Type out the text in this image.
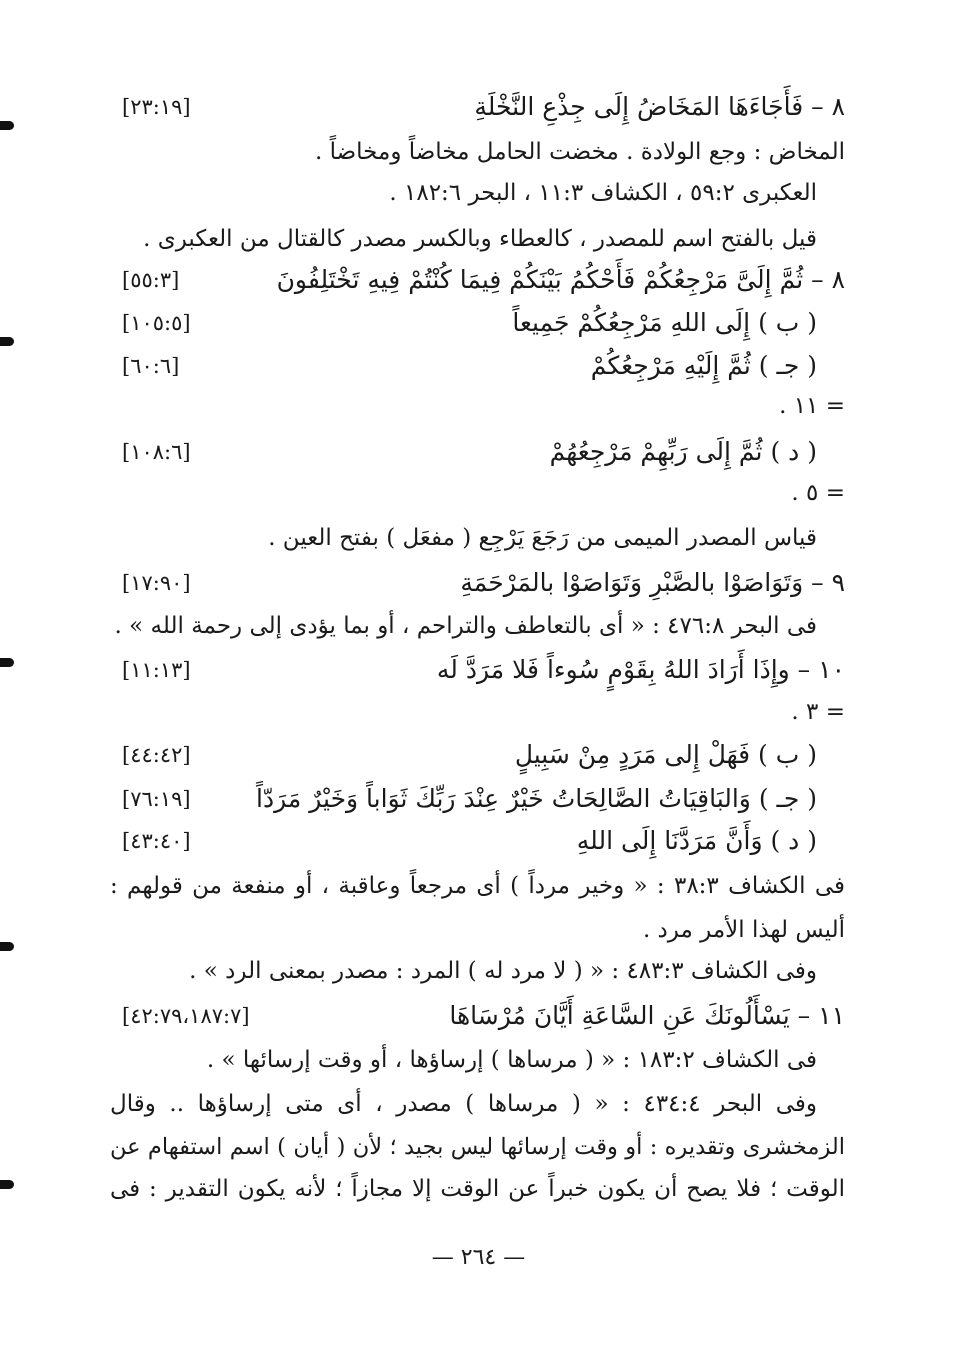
٨ – فَأَجَاءَهَا المَخَاضُ إِلَى جِذْعِ النَّخْلَةِ
[٢٣:١٩]
المخاض : وجع الولادة . مخضت الحامل مخاضاً ومخاضاً .
العكبرى ٥٩:٢ ، الكشاف ١١:٣ ، البحر ١٨٢:٦ .
قيل بالفتح اسم للمصدر ، كالعطاء وبالكسر مصدر كالقتال من العكبرى .
٨ – ثُمَّ إِلَىَّ مَرْجِعُكُمْ فَأَحْكُمُ بَيْنَكُمْ فِيمَا كُنْتُمْ فِيهِ تَخْتَلِفُونَ
[٥٥:٣]
( ب ) إِلَى اللهِ مَرْجِعُكُمْ جَمِيعاً
[١٠٥:٥]
( جـ ) ثُمَّ إِلَيْهِ مَرْجِعُكُمْ
[٦٠:٦]
= ١١ .
( د ) ثُمَّ إِلَى رَبِّهِمْ مَرْجِعُهُمْ
[١٠٨:٦]
= ٥ .
قياس المصدر الميمى من رَجَعَ يَرْجِع ( مفعَل ) بفتح العين .
٩ – وَتَوَاصَوْا بالصَّبْرِ وَتَوَاصَوْا بالمَرْحَمَةِ
[١٧:٩٠]
فى البحر ٤٧٦:٨ : « أى بالتعاطف والتراحم ، أو بما يؤدى إلى رحمة الله » .
١٠ – وإِذَا أَرَادَ اللهُ بِقَوْمٍ سُوءاً فَلا مَرَدَّ لَه
[١١:١٣]
= ٣ .
( ب ) فَهَلْ إِلى مَرَدٍ مِنْ سَبِيلٍ
[٤٤:٤٢]
( جـ ) وَالبَاقِيَاتُ الصَّالِحَاتُ خَيْرٌ عِنْدَ رَبِّكَ ثَوَاباً وَخَيْرٌ مَرَدّاً
[٧٦:١٩]
( د ) وَأَنَّ مَرَدَّنَا إِلَى اللهِ
[٤٣:٤٠]
فى الكشاف ٣٨:٣ : « وخير مرداً ) أى مرجعاً وعاقبة ، أو منفعة من قولهم :
أليس لهذا الأمر مرد .
وفى الكشاف ٤٨٣:٣ : « ( لا مرد له ) المرد : مصدر بمعنى الرد » .
١١ – يَسْأَلُونَكَ عَنِ السَّاعَةِ أَيَّانَ مُرْسَاهَا
[٤٢:٧٩،١٨٧:٧]
فى الكشاف ١٨٣:٢ : « ( مرساها ) إرساؤها ، أو وقت إرسائها » .
وفى البحر ٤٣٤:٤ : « ( مرساها ) مصدر ، أى متى إرساؤها .. وقال
الزمخشرى وتقديره : أو وقت إرسائها ليس بجيد ؛ لأن ( أيان ) اسم استفهام عن
الوقت ؛ فلا يصح أن يكون خبراً عن الوقت إلا مجازاً ؛ لأنه يكون التقدير : فى
— ٢٦٤ —
